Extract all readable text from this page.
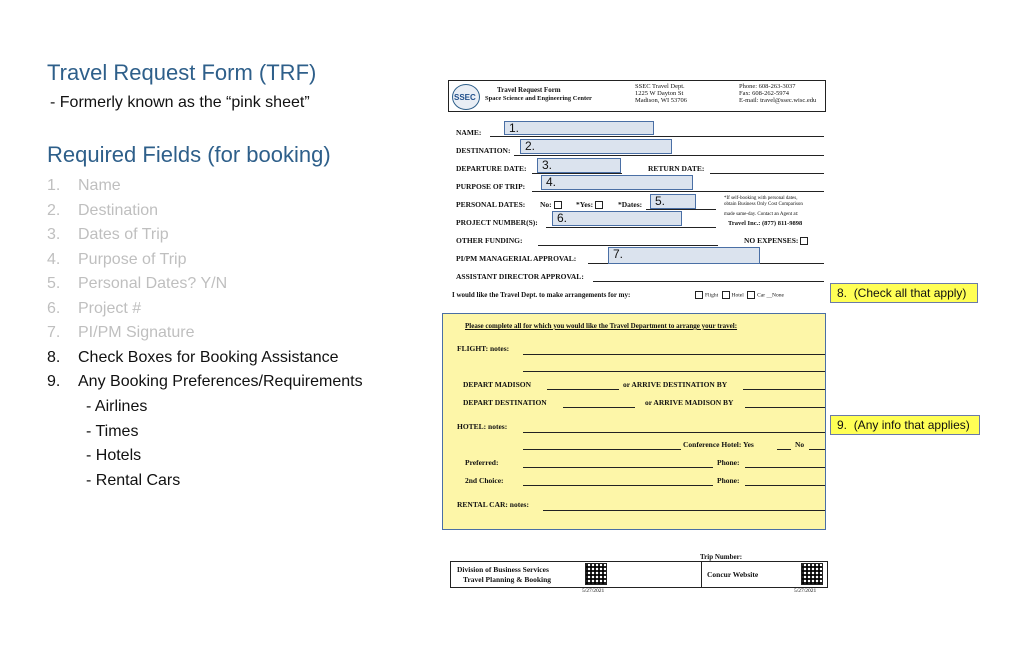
Travel Request Form (TRF)
- Formerly known as the “pink sheet”
Required Fields (for booking)
1.	Name
2.	Destination
3.	Dates of Trip
4.	Purpose of Trip
5.	Personal Dates? Y/N
6.	Project #
7.	PI/PM Signature
8.	Check Boxes for Booking Assistance
9.	Any Booking Preferences/Requirements
- Airlines
- Times
- Hotels
- Rental Cars
SSEC
Travel Request Form
Space Science and Engineering Center
SSEC Travel Dept.
1225 W Dayton St
Madison, WI 53706
Phone: 608-263-3037
Fax: 608-262-5974
E-mail: travel@ssec.wisc.edu
NAME:	1.
DESTINATION:	2.
DEPARTURE DATE:	3.	RETURN DATE:
PURPOSE OF TRIP:	4.
PERSONAL DATES: No:	*Yes:	*Dates:	5.	*If self-booking with personal dates,
obtain Business Only Cost Comparison
PROJECT NUMBER(S):	6.	made same-day. Contact an Agent at:
Travel Inc.: (877) 811-9898
OTHER FUNDING:	NO EXPENSES:
PI/PM MANAGERIAL APPROVAL:	7.
ASSISTANT DIRECTOR APPROVAL:
I would like the Travel Dept. to make arrangements for my:	Flight Hotel Car __None
Please complete all for which you would like the Travel Department to arrange your travel:
FLIGHT: notes:
DEPART MADISON	or ARRIVE DESTINATION BY
DEPART DESTINATION	or ARRIVE MADISON BY
HOTEL: notes:
Conference Hotel: Yes	No
Preferred:	Phone:
2nd Choice:	Phone:
RENTAL CAR: notes:
8. (Check all that apply)
9. (Any info that applies)
Trip Number:
Division of Business Services
Travel Planning & Booking
Concur Website
5/27/2021	5/27/2021
